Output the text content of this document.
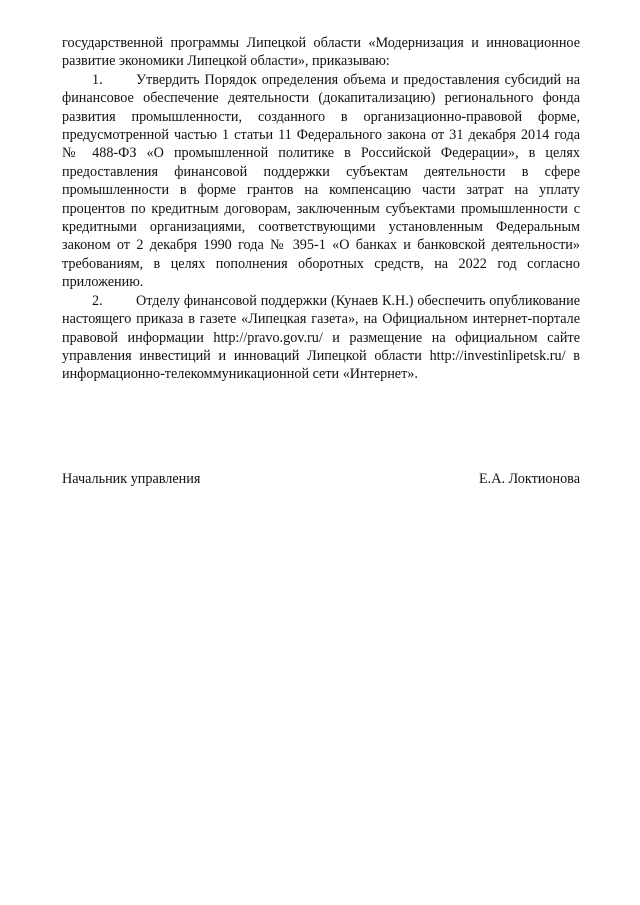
государственной программы Липецкой области «Модернизация и инновационное развитие экономики Липецкой области», приказываю:

1. Утвердить Порядок определения объема и предоставления субсидий на финансовое обеспечение деятельности (докапитализацию) регионального фонда развития промышленности, созданного в организационно-правовой форме, предусмотренной частью 1 статьи 11 Федерального закона от 31 декабря 2014 года № 488-ФЗ «О промышленной политике в Российской Федерации», в целях предоставления финансовой поддержки субъектам деятельности в сфере промышленности в форме грантов на компенсацию части затрат на уплату процентов по кредитным договорам, заключенным субъектами промышленности с кредитными организациями, соответствующими установленным Федеральным законом от 2 декабря 1990 года № 395-1 «О банках и банковской деятельности» требованиям, в целях пополнения оборотных средств, на 2022 год согласно приложению.

2. Отделу финансовой поддержки (Кунаев К.Н.) обеспечить опубликование настоящего приказа в газете «Липецкая газета», на Официальном интернет-портале правовой информации http://pravo.gov.ru/ и размещение на официальном сайте управления инвестиций и инноваций Липецкой области http://investinlipetsk.ru/ в информационно-телекоммуникационной сети «Интернет».

Начальник управления	Е.А. Локтионова
